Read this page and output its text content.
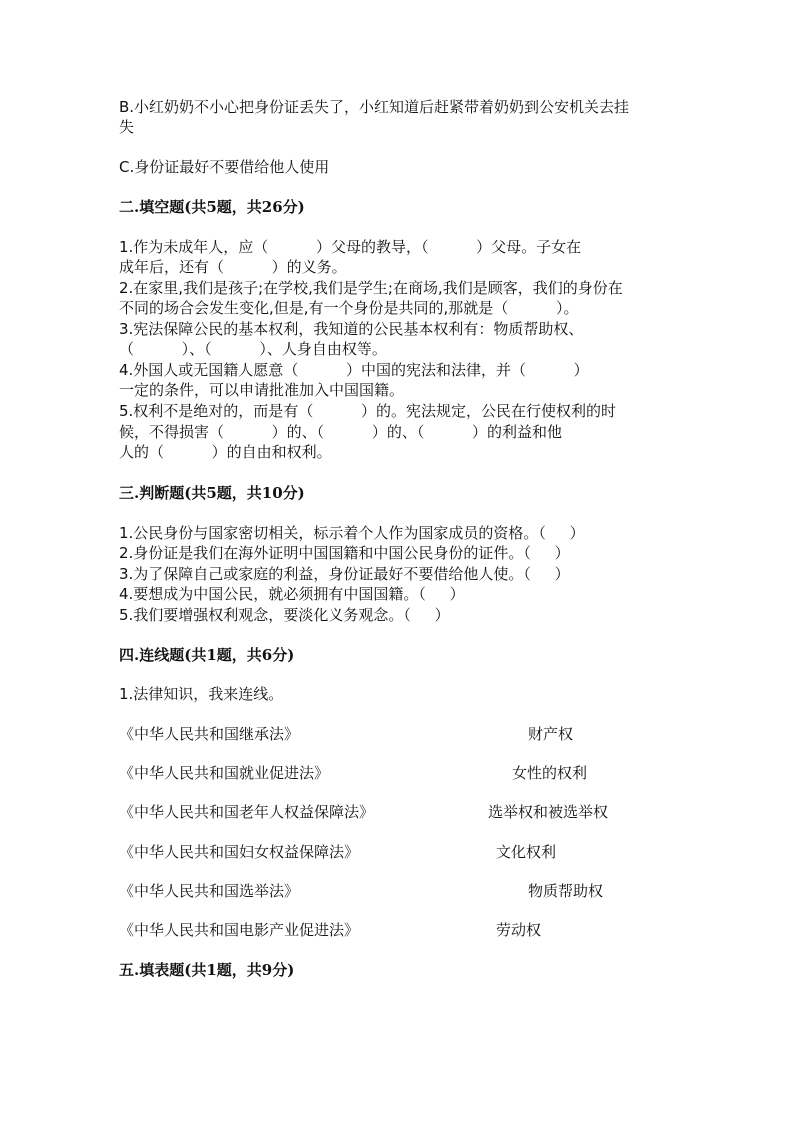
B.小红奶奶不小心把身份证丢失了，小红知道后赶紧带着奶奶到公安机关去挂
失
C.身份证最好不要借给他人使用
二.填空题(共5题，共26分)
1.作为未成年人，应（          ）父母的教导，（          ）父母。子女在
成年后，还有（          ）的义务。
2.在家里,我们是孩子;在学校,我们是学生;在商场,我们是顾客，我们的身份在
不同的场合会发生变化,但是,有一个身份是共同的,那就是（          ）。
3.宪法保障公民的基本权利，我知道的公民基本权利有：物质帮助权、
（          ）、（          ）、人身自由权等。
4.外国人或无国籍人愿意（          ）中国的宪法和法律，并（          ）
一定的条件，可以申请批准加入中国国籍。
5.权利不是绝对的，而是有（          ）的。宪法规定，公民在行使权利的时
候，不得损害（          ）的、（          ）的、（          ）的利益和他
人的（          ）的自由和权利。
三.判断题(共5题，共10分)
1.公民身份与国家密切相关，标示着个人作为国家成员的资格。（     ）
2.身份证是我们在海外证明中国国籍和中国公民身份的证件。（     ）
3.为了保障自己或家庭的利益，身份证最好不要借给他人使。（     ）
4.要想成为中国公民，就必须拥有中国国籍。（     ）
5.我们要增强权利观念，要淡化义务观念。（     ）
四.连线题(共1题，共6分)
1.法律知识，我来连线。
《中华人民共和国继承法》	财产权
《中华人民共和国就业促进法》	女性的权利
《中华人民共和国老年人权益保障法》	选举权和被选举权
《中华人民共和国妇女权益保障法》	文化权利
《中华人民共和国选举法》	物质帮助权
《中华人民共和国电影产业促进法》	劳动权
五.填表题(共1题，共9分)
